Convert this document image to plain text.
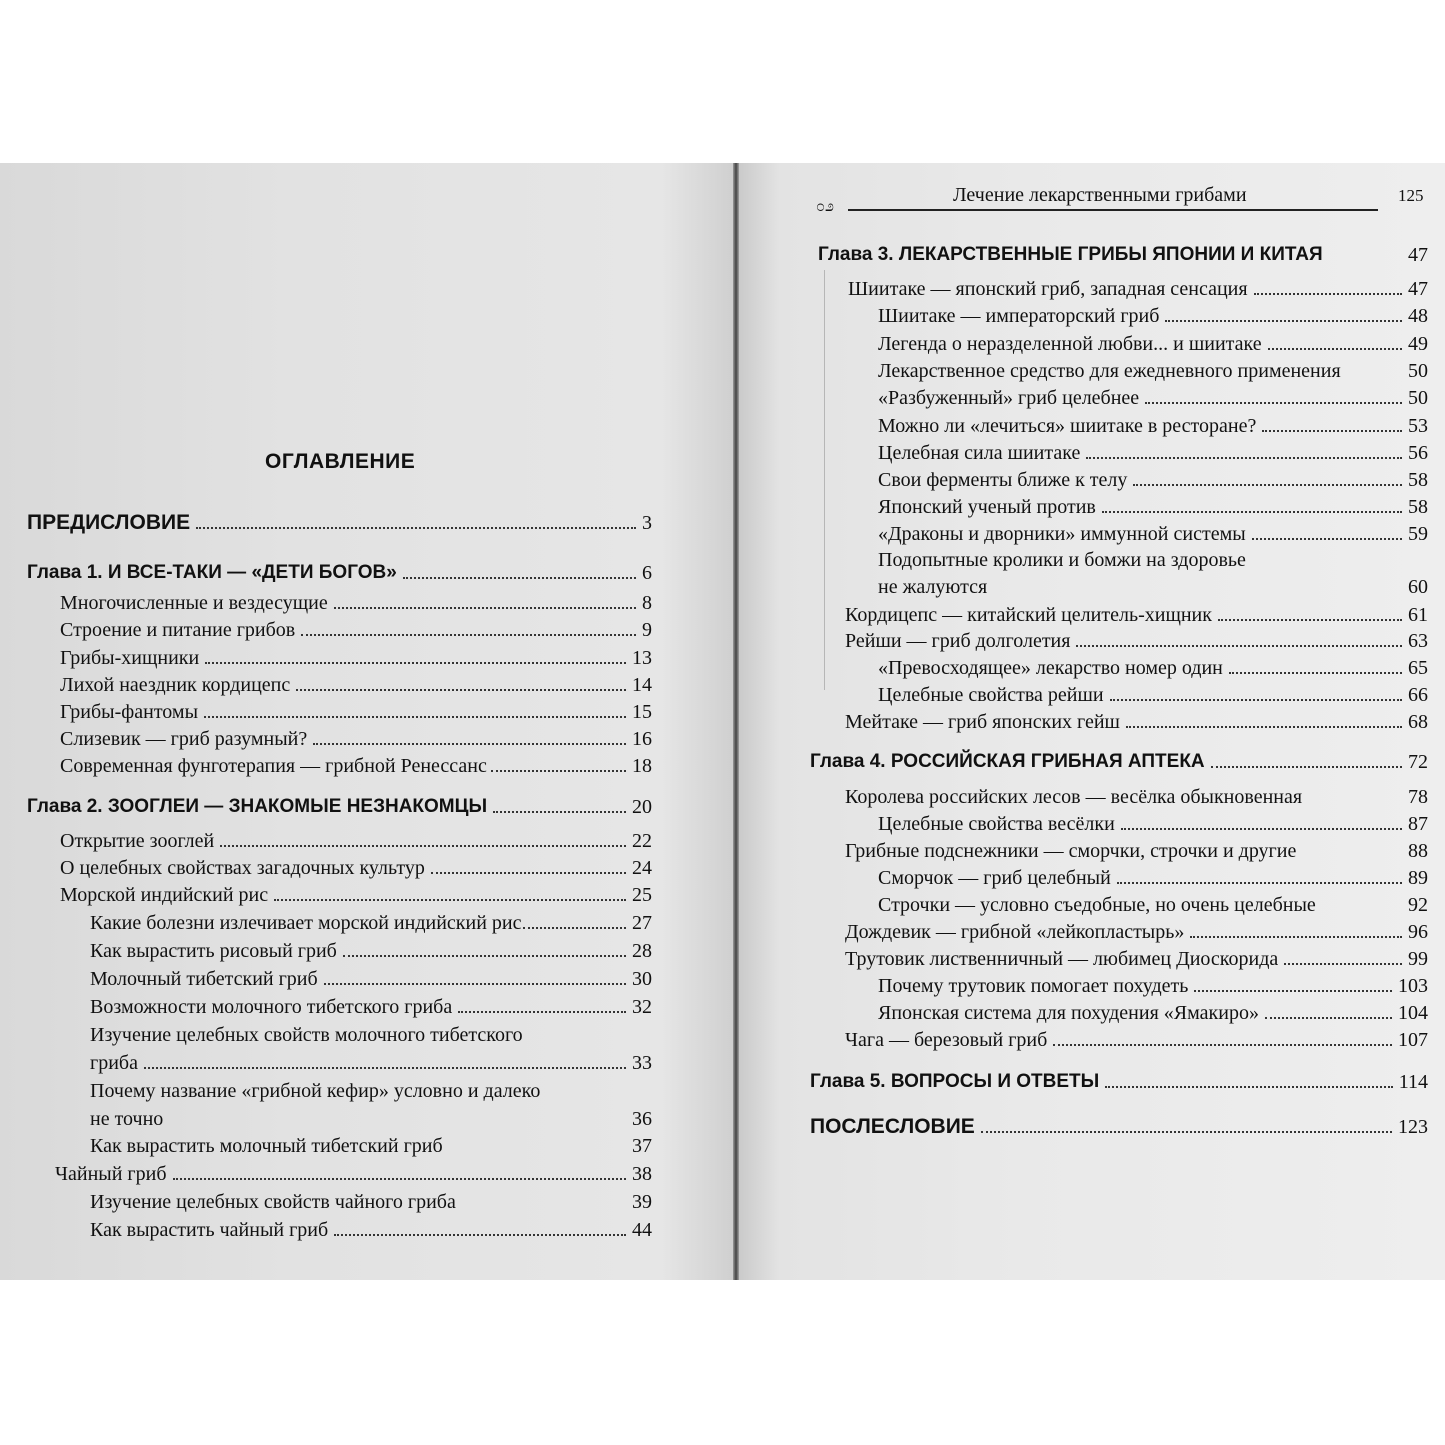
೦೨
Лечение лекарственными грибами	125
ОГЛАВЛЕНИЕ
ПРЕДИСЛОВИЕ	3
Глава 1. И ВСЕ-ТАКИ — «ДЕТИ БОГОВ»	6
Многочисленные и вездесущие	8
Строение и питание грибов	9
Грибы-хищники	13
Лихой наездник кордицепс	14
Грибы-фантомы	15
Слизевик — гриб разумный?	16
Современная фунготерапия — грибной Ренессанс	18
Глава 2. ЗООГЛЕИ — ЗНАКОМЫЕ НЕЗНАКОМЦЫ	20
Открытие зооглей	22
О целебных свойствах загадочных культур	24
Морской индийский рис	25
Какие болезни излечивает морской индийский рис	27
Как вырастить рисовый гриб	28
Молочный тибетский гриб	30
Возможности молочного тибетского гриба	32
Изучение целебных свойств молочного тибетского
гриба	33
Почему название «грибной кефир» условно и далеко
не точно	36
Как вырастить молочный тибетский гриб	37
Чайный гриб	38
Изучение целебных свойств чайного гриба	39
Как вырастить чайный гриб	44
Глава 3. ЛЕКАРСТВЕННЫЕ ГРИБЫ ЯПОНИИ И КИТАЯ	47
Шиитаке — японский гриб, западная сенсация	47
Шиитаке — императорский гриб	48
Легенда о неразделенной любви... и шиитаке	49
Лекарственное средство для ежедневного применения	50
«Разбуженный» гриб целебнее	50
Можно ли «лечиться» шиитаке в ресторане?	53
Целебная сила шиитаке	56
Свои ферменты ближе к телу	58
Японский ученый против	58
«Драконы и дворники» иммунной системы	59
Подопытные кролики и бомжи на здоровье
не жалуются	60
Кордицепс — китайский целитель-хищник	61
Рейши — гриб долголетия	63
«Превосходящее» лекарство номер один	65
Целебные свойства рейши	66
Мейтаке — гриб японских гейш	68
Глава 4. РОССИЙСКАЯ ГРИБНАЯ АПТЕКА	72
Королева российских лесов — весёлка обыкновенная	78
Целебные свойства весёлки	87
Грибные подснежники — сморчки, строчки и другие	88
Сморчок — гриб целебный	89
Строчки — условно съедобные, но очень целебные	92
Дождевик — грибной «лейкопластырь»	96
Трутовик лиственничный — любимец Диоскорида	99
Почему трутовик помогает похудеть	103
Японская система для похудения «Ямакиро»	104
Чага — березовый гриб	107
Глава 5. ВОПРОСЫ И ОТВЕТЫ	114
ПОСЛЕСЛОВИЕ	123
